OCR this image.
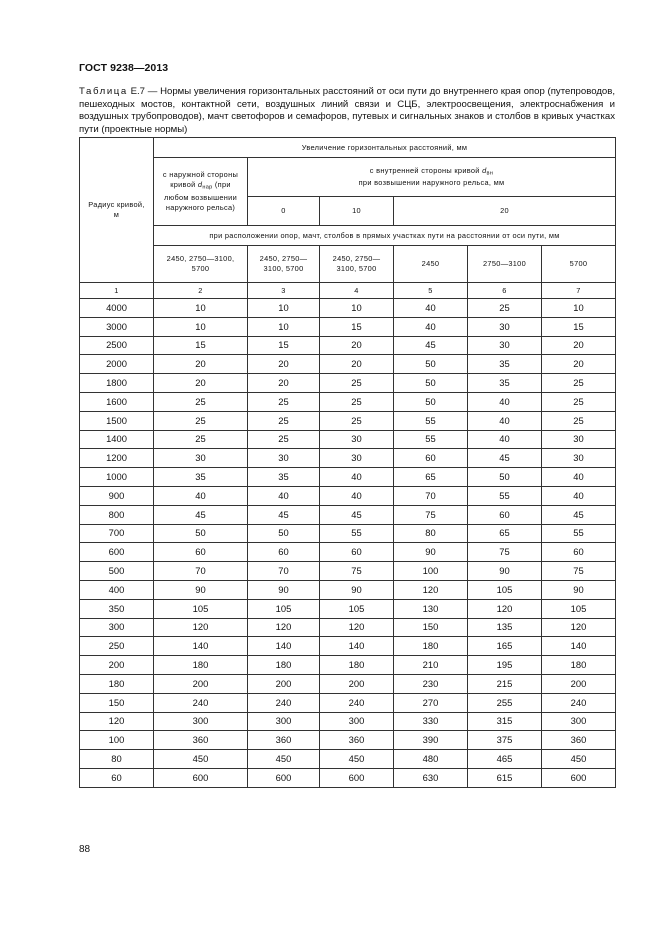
ГОСТ 9238—2013
Таблица Е.7 — Нормы увеличения горизонтальных расстояний от оси пути до внутреннего края опор (путепроводов, пешеходных мостов, контактной сети, воздушных линий связи и СЦБ, электроосвещения, электроснабжения и воздушных трубопроводов), мачт светофоров и семафоров, путевых и сигнальных знаков и столбов в кривых участках пути (проектные нормы)
Радиус кривой, м	Увеличение горизонтальных расстояний, мм					
	с наружной стороны кривой $d_{нар}$ (при любом возвышении наружного рельса)	с внутренней стороны кривой $d_{вн}$
при возвышении наружного рельса, мм				
		0	10	20		
	при расположении опор, мачт, столбов в прямых участках пути на расстоянии от оси пути, мм					
	2450, 2750—3100, 5700	2450, 2750—3100, 5700	2450, 2750—3100, 5700	2450	2750—3100	5700
1	2	3	4	5	6	7
4000	10	10	10	40	25	10
3000	10	10	15	40	30	15
2500	15	15	20	45	30	20
2000	20	20	20	50	35	20
1800	20	20	25	50	35	25
1600	25	25	25	50	40	25
1500	25	25	25	55	40	25
1400	25	25	30	55	40	30
1200	30	30	30	60	45	30
1000	35	35	40	65	50	40
900	40	40	40	70	55	40
800	45	45	45	75	60	45
700	50	50	55	80	65	55
600	60	60	60	90	75	60
500	70	70	75	100	90	75
400	90	90	90	120	105	90
350	105	105	105	130	120	105
300	120	120	120	150	135	120
250	140	140	140	180	165	140
200	180	180	180	210	195	180
180	200	200	200	230	215	200
150	240	240	240	270	255	240
120	300	300	300	330	315	300
100	360	360	360	390	375	360
80	450	450	450	480	465	450
60	600	600	600	630	615	600
88
